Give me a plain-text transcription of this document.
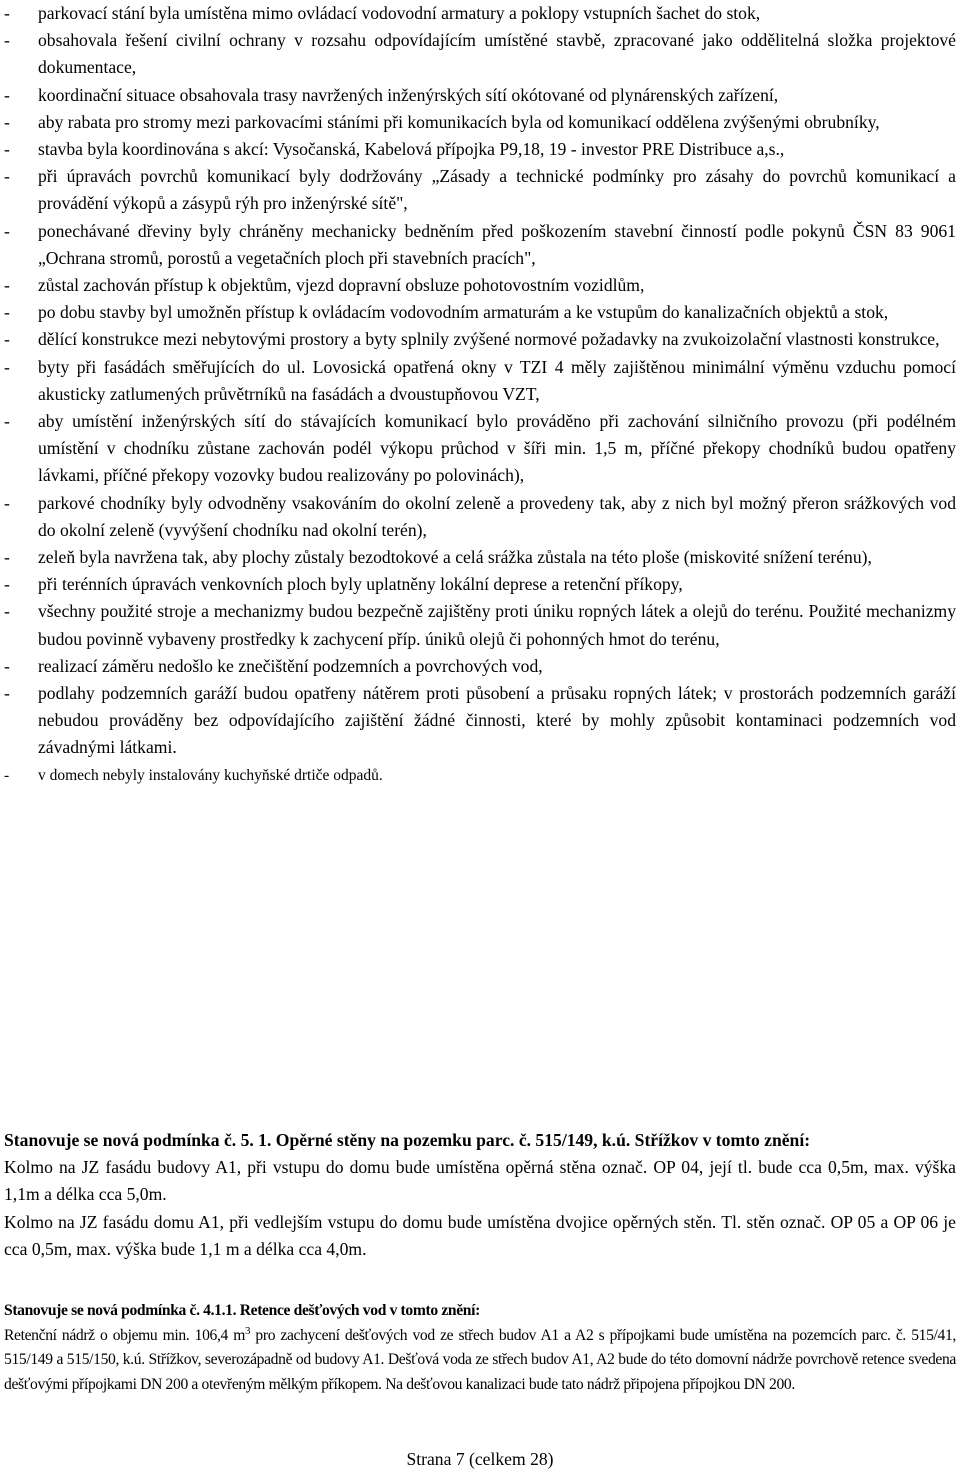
- parkovací stání byla umístěna mimo ovládací vodovodní armatury a poklopy vstupních šachet do stok,
- obsahovala řešení civilní ochrany v rozsahu odpovídajícím umístěné stavbě, zpracované jako oddělitelná složka projektové dokumentace,
- koordinační situace obsahovala trasy navržených inženýrských sítí okótované od plynárenských zařízení,
- aby rabata pro stromy mezi parkovacími stáními při komunikacích byla od komunikací oddělena zvýšenými obrubníky,
- stavba byla koordinována s akcí: Vysočanská, Kabelová přípojka P9,18, 19 - investor PRE Distribuce a,s.,
- při úpravách povrchů komunikací byly dodržovány „Zásady a technické podmínky pro zásahy do povrchů komunikací a provádění výkopů a zásypů rýh pro inženýrské sítě",
- ponechávané dřeviny byly chráněny mechanicky bedněním před poškozením stavební činností podle pokynů ČSN 83 9061 „Ochrana stromů, porostů a vegetačních ploch při stavebních pracích",
- zůstal zachován přístup k objektům, vjezd dopravní obsluze pohotovostním vozidlům,
- po dobu stavby byl umožněn přístup k ovládacím vodovodním armaturám a ke vstupům do kanalizačních objektů a stok,
- dělící konstrukce mezi nebytovými prostory a byty splnily zvýšené normové požadavky na zvukoizolační vlastnosti konstrukce,
- byty při fasádách směřujících do ul. Lovosická opatřená okny v TZI 4 měly zajištěnou minimální výměnu vzduchu pomocí akusticky zatlumených průvětrníků na fasádách a dvoustupňovou VZT,
- aby umístění inženýrských sítí do stávajících komunikací bylo prováděno při zachování silničního provozu (při podélném umístění v chodníku zůstane zachován podél výkopu průchod v šíři min. 1,5 m, příčné překopy chodníků budou opatřeny lávkami, příčné překopy vozovky budou realizovány po polovinách),
- parkové chodníky byly odvodněny vsakováním do okolní zeleně a provedeny tak, aby z nich byl možný přeron srážkových vod do okolní zeleně (vyvýšení chodníku nad okolní terén),
- zeleň byla navržena tak, aby plochy zůstaly bezodtokové a celá srážka zůstala na této ploše (miskovité snížení terénu),
- při terénních úpravách venkovních ploch byly uplatněny lokální deprese a retenční příkopy,
- všechny použité stroje a mechanizmy budou bezpečně zajištěny proti úniku ropných látek a olejů do terénu. Použité mechanizmy budou povinně vybaveny prostředky k zachycení příp. úniků olejů či pohonných hmot do terénu,
- realizací záměru nedošlo ke znečištění podzemních a povrchových vod,
- podlahy podzemních garáží budou opatřeny nátěrem proti působení a průsaku ropných látek; v prostorách podzemních garáží nebudou prováděny bez odpovídajícího zajištění žádné činnosti, které by mohly způsobit kontaminaci podzemních vod závadnými látkami.
- v domech nebyly instalovány kuchyňské drtiče odpadů.

Stanovuje se nová podmínka č. 5. 1. Opěrné stěny na pozemku parc. č. 515/149, k.ú. Střížkov v tomto znění:

Kolmo na JZ fasádu budovy A1, při vstupu do domu bude umístěna opěrná stěna označ. OP 04, její tl. bude cca 0,5m, max. výška 1,1m a délka cca 5,0m.

Kolmo na JZ fasádu domu A1, při vedlejším vstupu do domu bude umístěna dvojice opěrných stěn. Tl. stěn označ. OP 05 a OP 06 je cca 0,5m, max. výška bude 1,1 m a délka cca 4,0m.

Stanovuje se nová podmínka č. 4.1.1. Retence dešťových vod v tomto znění:

Retenční nádrž o objemu min. 106,4 $m^3$ pro zachycení dešťových vod ze střech budov A1 a A2 s přípojkami bude umístěna na pozemcích parc. č. 515/41, 515/149 a 515/150, k.ú. Střížkov, severozápadně od budovy A1. Dešťová voda ze střech budov A1, A2 bude do této domovní nádrže povrchově retence svedena dešťovými přípojkami DN 200 a otevřeným mělkým příkopem. Na dešťovou kanalizaci bude tato nádrž připojena přípojkou DN 200.

Strana 7 (celkem 28)
